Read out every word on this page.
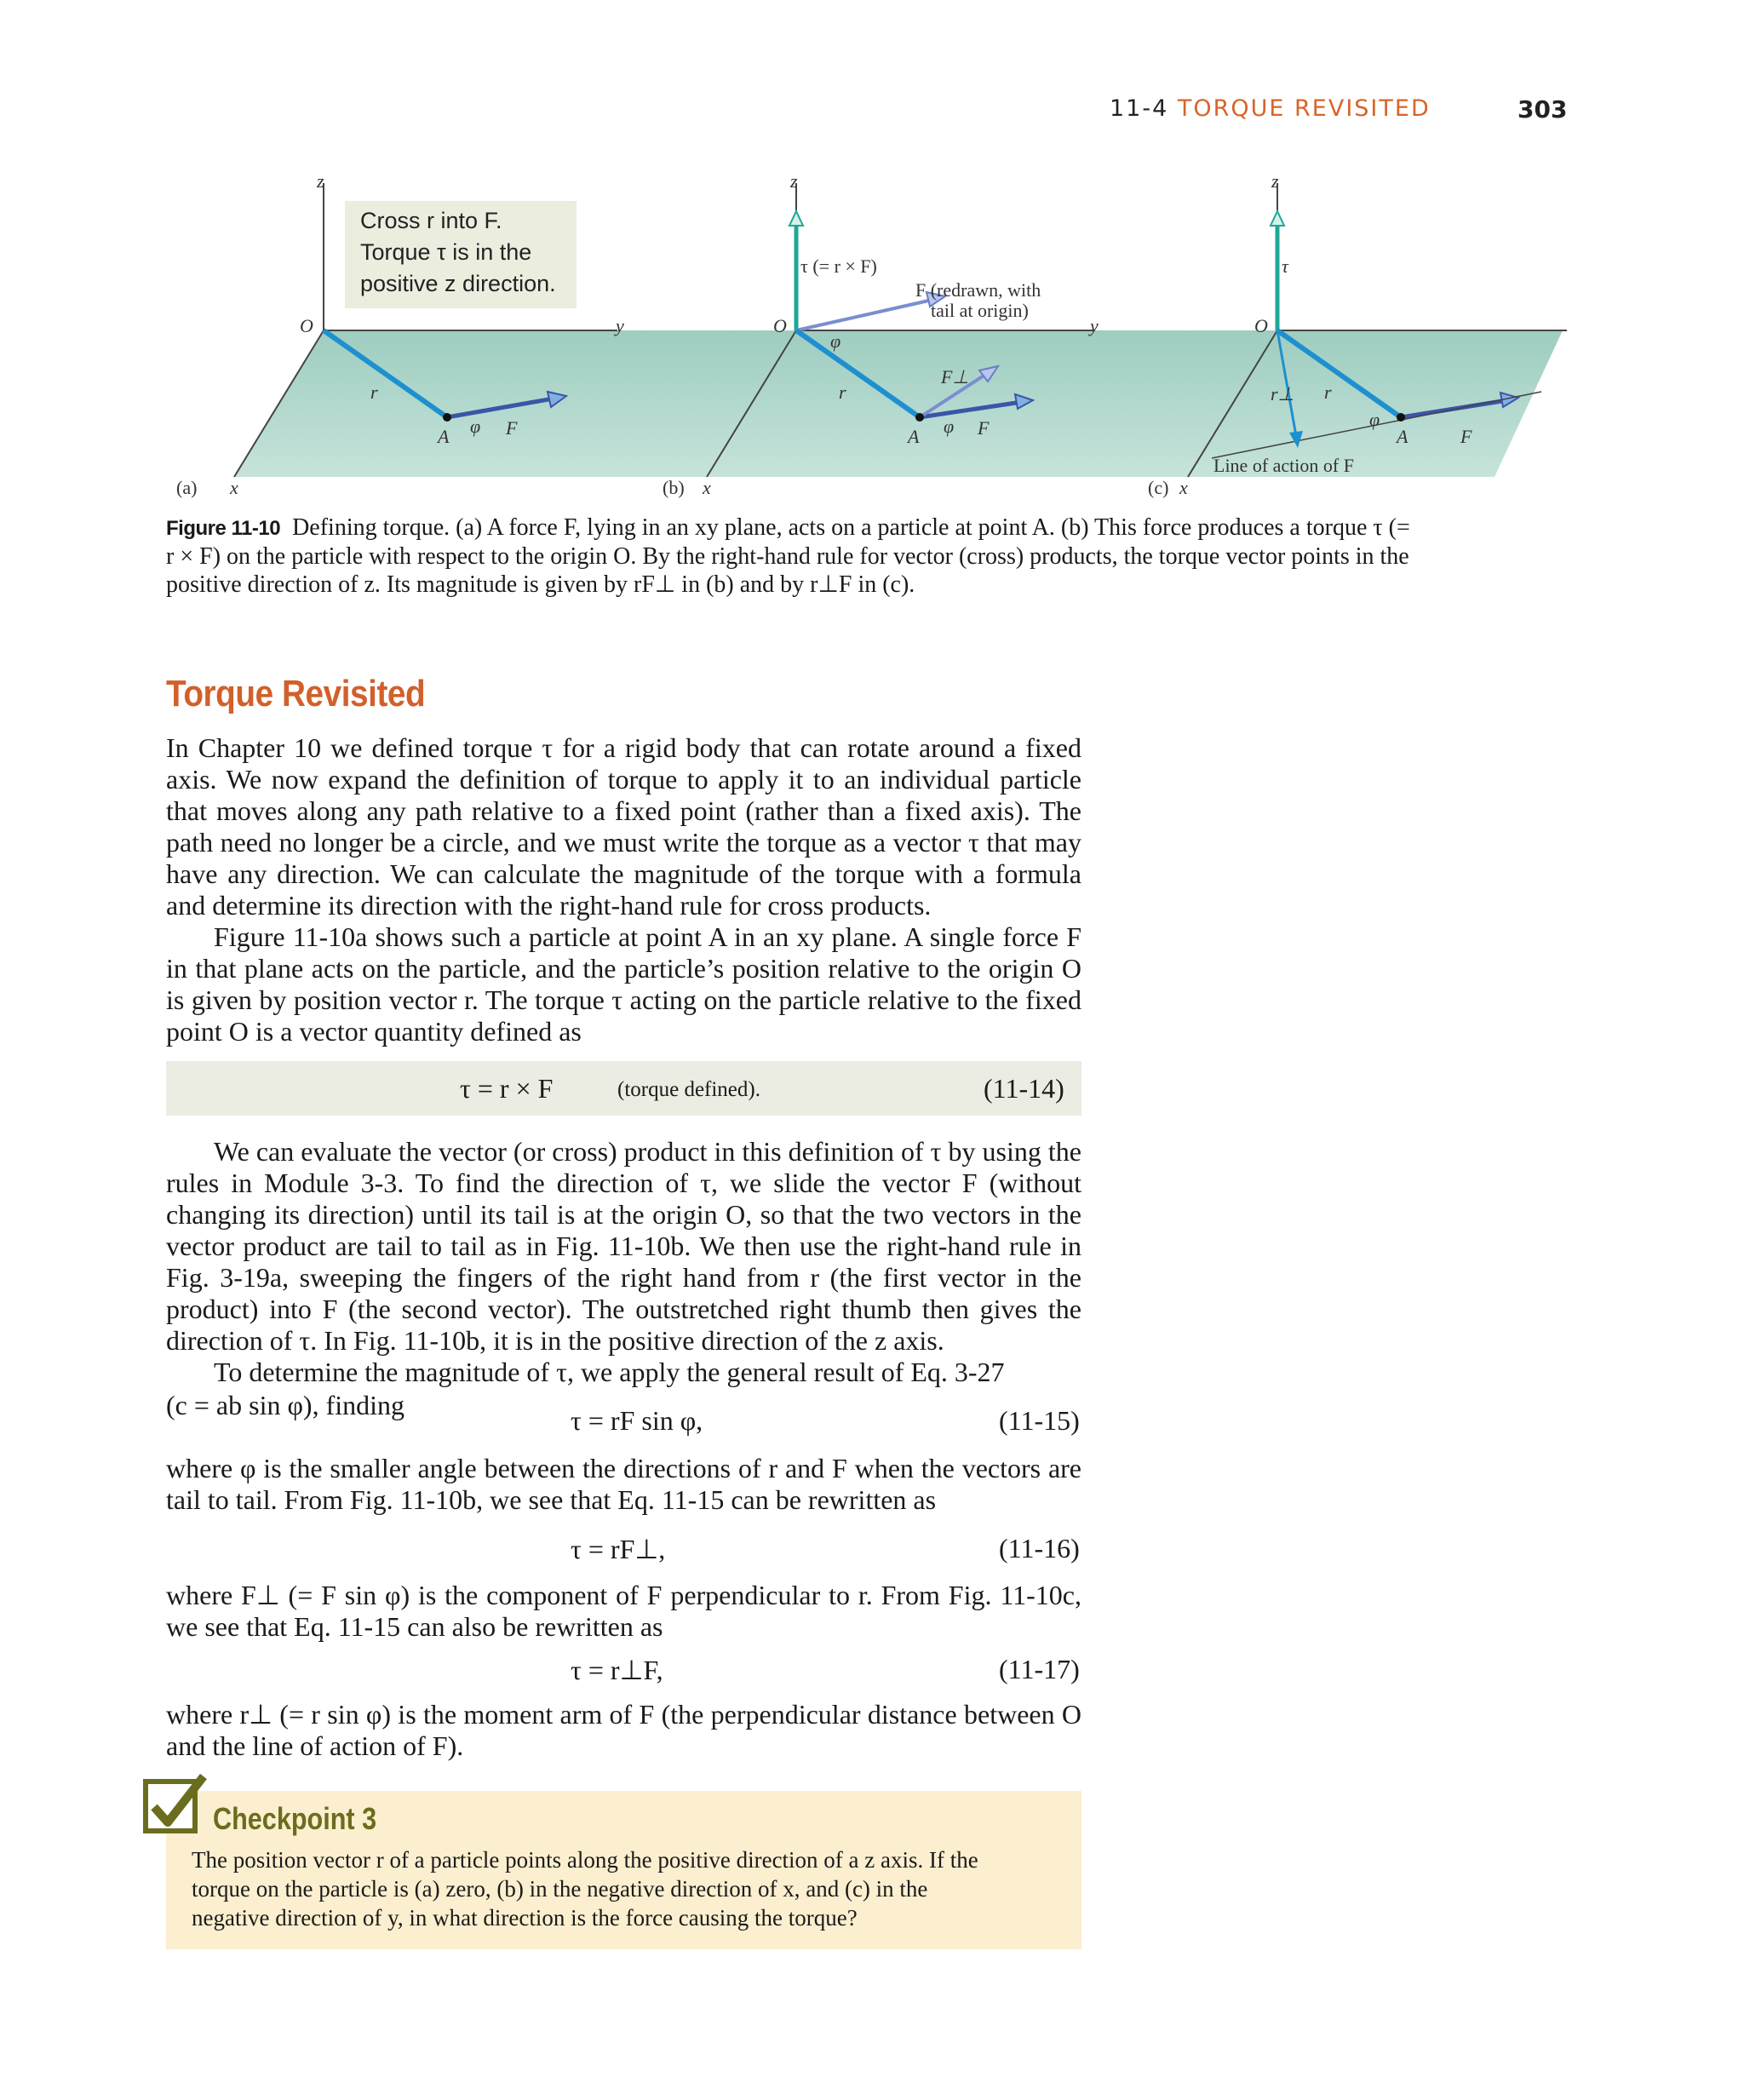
11-4 TORQUE REVISITED	303
z
y
x
O
r
A φ F
(a)
z
y
x
O
r
A φ F
F⊥
φ
τ (= r × F)
F (redrawn, with
tail at origin)
(b)
z
O
r
r⊥
A
φ
F
τ
Line of action of F
(c) x
Cross r into F.
Torque τ is in the
positive z direction.
Figure 11-10 Defining torque. (a) A force F, lying in an xy plane, acts on a particle at point A. (b) This force produces a torque τ (= r × F) on the particle with respect to the origin O. By the right-hand rule for vector (cross) products, the torque vector points in the positive direction of z. Its magnitude is given by rF⊥ in (b) and by r⊥F in (c).
Torque Revisited

In Chapter 10 we defined torque τ for a rigid body that can rotate around a fixed axis. We now expand the definition of torque to apply it to an individual particle that moves along any path relative to a fixed point (rather than a fixed axis). The path need no longer be a circle, and we must write the torque as a vector τ that may have any direction. We can calculate the magnitude of the torque with a formula and determine its direction with the right-hand rule for cross products.

Figure 11-10a shows such a particle at point A in an xy plane. A single force F in that plane acts on the particle, and the particle’s position relative to the origin O is given by position vector r. The torque τ acting on the particle relative to the fixed point O is a vector quantity defined as

τ = r × F	(torque defined).	(11-14)

We can evaluate the vector (or cross) product in this definition of τ by using the rules in Module 3-3. To find the direction of τ, we slide the vector F (without changing its direction) until its tail is at the origin O, so that the two vectors in the vector product are tail to tail as in Fig. 11-10b. We then use the right-hand rule in Fig. 3-19a, sweeping the fingers of the right hand from r (the first vector in the product) into F (the second vector). The outstretched right thumb then gives the direction of τ. In Fig. 11-10b, it is in the positive direction of the z axis.

To determine the magnitude of τ, we apply the general result of Eq. 3-27

(c = ab sin φ), finding	τ = rF sin φ,	(11-15)
where φ is the smaller angle between the directions of r and F when the vectors are tail to tail. From Fig. 11-10b, we see that Eq. 11-15 can be rewritten as
τ = rF⊥,	(11-16)
where F⊥ (= F sin φ) is the component of F perpendicular to r. From Fig. 11-10c, we see that Eq. 11-15 can also be rewritten as
τ = r⊥F,	(11-17)
where r⊥ (= r sin φ) is the moment arm of F (the perpendicular distance between O and the line of action of F).
Checkpoint 3
The position vector r of a particle points along the positive direction of a z axis. If the torque on the particle is (a) zero, (b) in the negative direction of x, and (c) in the negative direction of y, in what direction is the force causing the torque?
